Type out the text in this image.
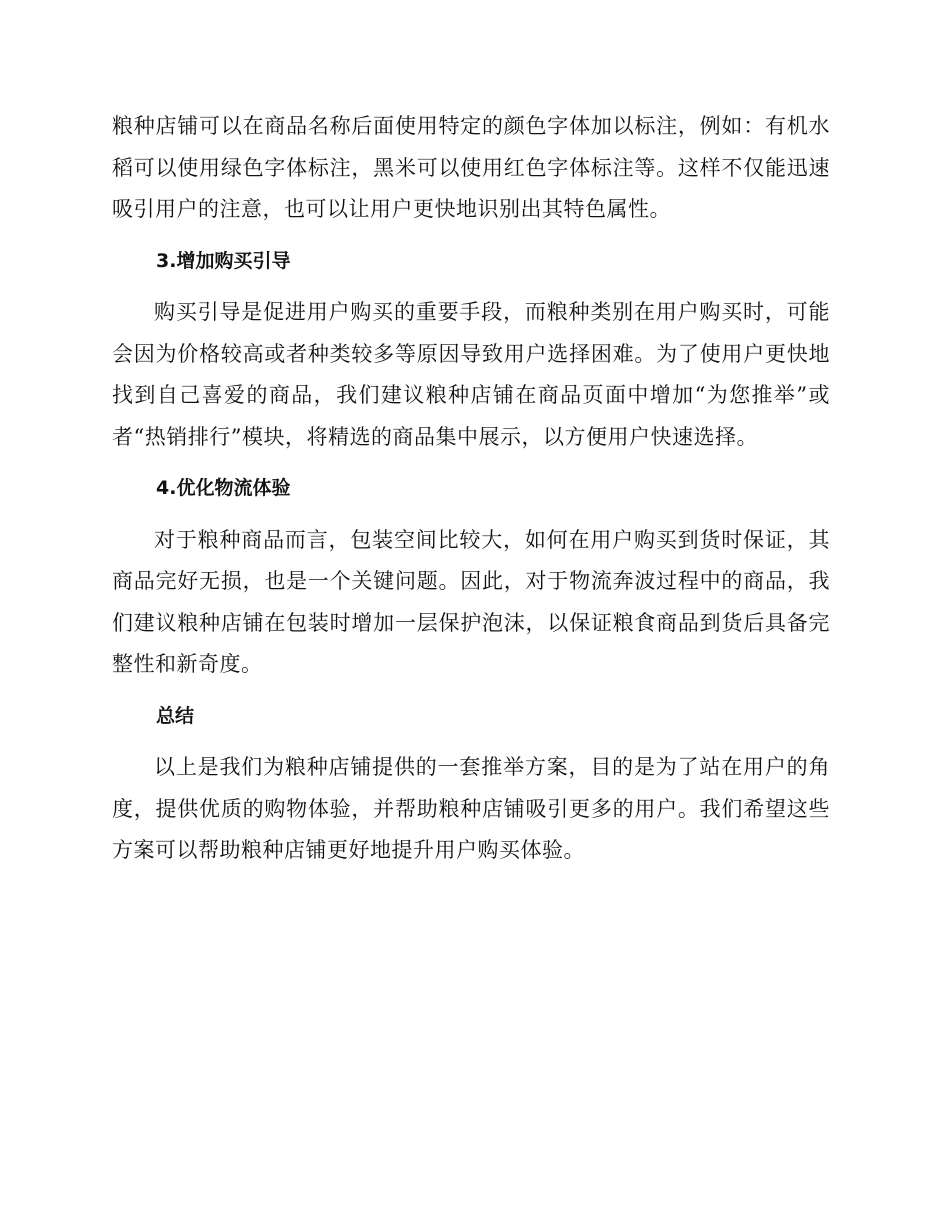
粮种店铺可以在商品名称后面使用特定的颜色字体加以标注，例如：有机水稻可以使用绿色字体标注，黑米可以使用红色字体标注等。这样不仅能迅速吸引用户的注意，也可以让用户更快地识别出其特色属性。

3.增加购买引导

购买引导是促进用户购买的重要手段，而粮种类别在用户购买时，可能会因为价格较高或者种类较多等原因导致用户选择困难。为了使用户更快地找到自己喜爱的商品，我们建议粮种店铺在商品页面中增加“为您推举”或者“热销排行”模块，将精选的商品集中展示，以方便用户快速选择。

4.优化物流体验

对于粮种商品而言，包装空间比较大，如何在用户购买到货时保证，其商品完好无损，也是一个关键问题。因此，对于物流奔波过程中的商品，我们建议粮种店铺在包装时增加一层保护泡沫，以保证粮食商品到货后具备完整性和新奇度。

总结

以上是我们为粮种店铺提供的一套推举方案，目的是为了站在用户的角度，提供优质的购物体验，并帮助粮种店铺吸引更多的用户。我们希望这些方案可以帮助粮种店铺更好地提升用户购买体验。
